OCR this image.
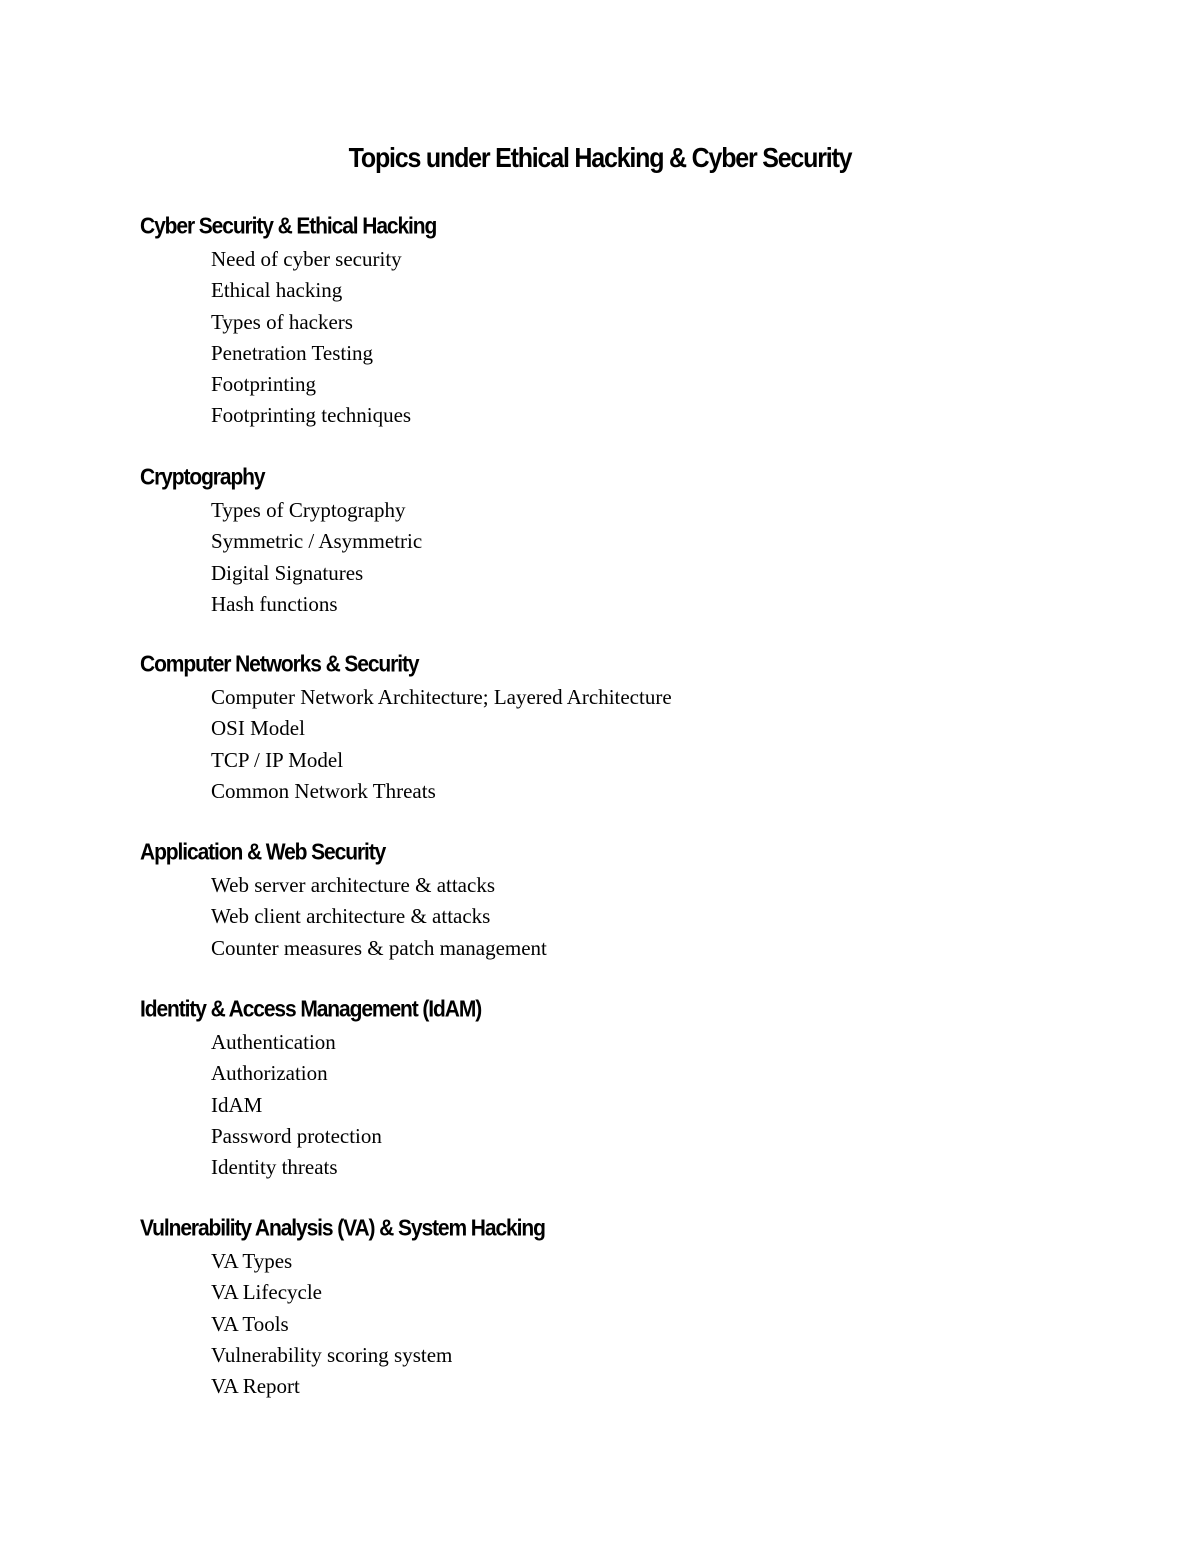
Topics under Ethical Hacking & Cyber Security
Cyber Security & Ethical Hacking
Need of cyber security
Ethical hacking
Types of hackers
Penetration Testing
Footprinting
Footprinting techniques
Cryptography
Types of Cryptography
Symmetric / Asymmetric
Digital Signatures
Hash functions
Computer Networks & Security
Computer Network Architecture; Layered Architecture
OSI Model
TCP / IP Model
Common Network Threats
Application & Web Security
Web server architecture & attacks
Web client architecture & attacks
Counter measures & patch management
Identity & Access Management (IdAM)
Authentication
Authorization
IdAM
Password protection
Identity threats
Vulnerability Analysis (VA) & System Hacking
VA Types
VA Lifecycle
VA Tools
Vulnerability scoring system
VA Report
